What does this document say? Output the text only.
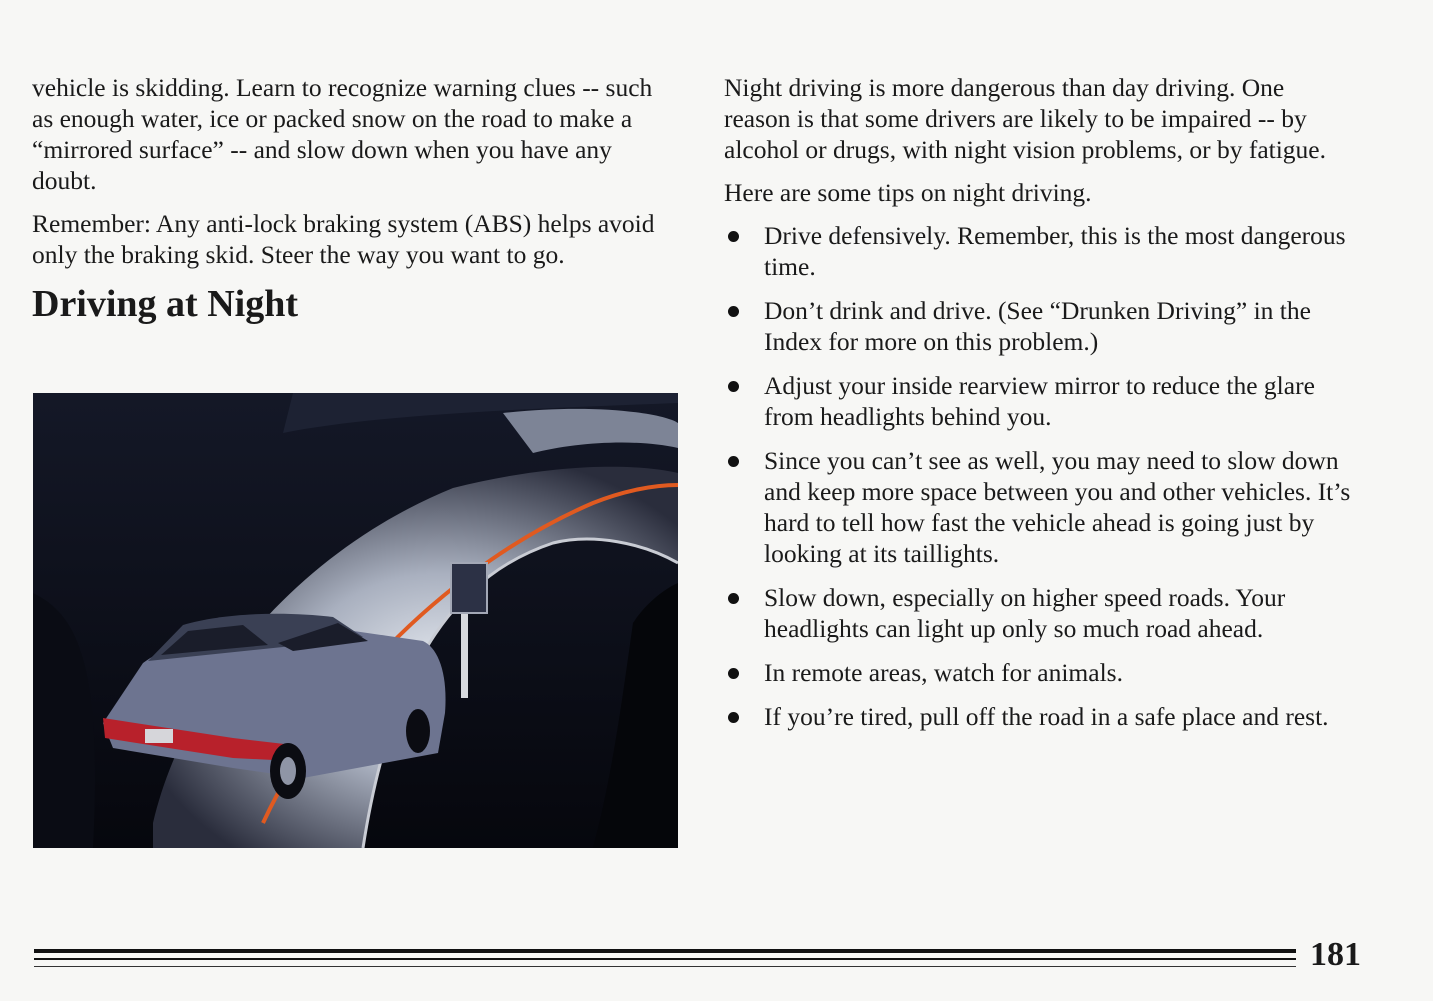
vehicle is skidding. Learn to recognize warning clues -- such as enough water, ice or packed snow on the road to make a “mirrored surface” -- and slow down when you have any doubt.

Remember: Any anti-lock braking system (ABS) helps avoid only the braking skid. Steer the way you want to go.

Driving at Night

Night driving is more dangerous than day driving. One reason is that some drivers are likely to be impaired -- by alcohol or drugs, with night vision problems, or by fatigue.

Here are some tips on night driving.

Drive defensively. Remember, this is the most dangerous time.
Don’t drink and drive. (See “Drunken Driving” in the Index for more on this problem.)
Adjust your inside rearview mirror to reduce the glare from headlights behind you.
Since you can’t see as well, you may need to slow down and keep more space between you and other vehicles. It’s hard to tell how fast the vehicle ahead is going just by looking at its taillights.
Slow down, especially on higher speed roads. Your headlights can light up only so much road ahead.
In remote areas, watch for animals.
If you’re tired, pull off the road in a safe place and rest.
181
